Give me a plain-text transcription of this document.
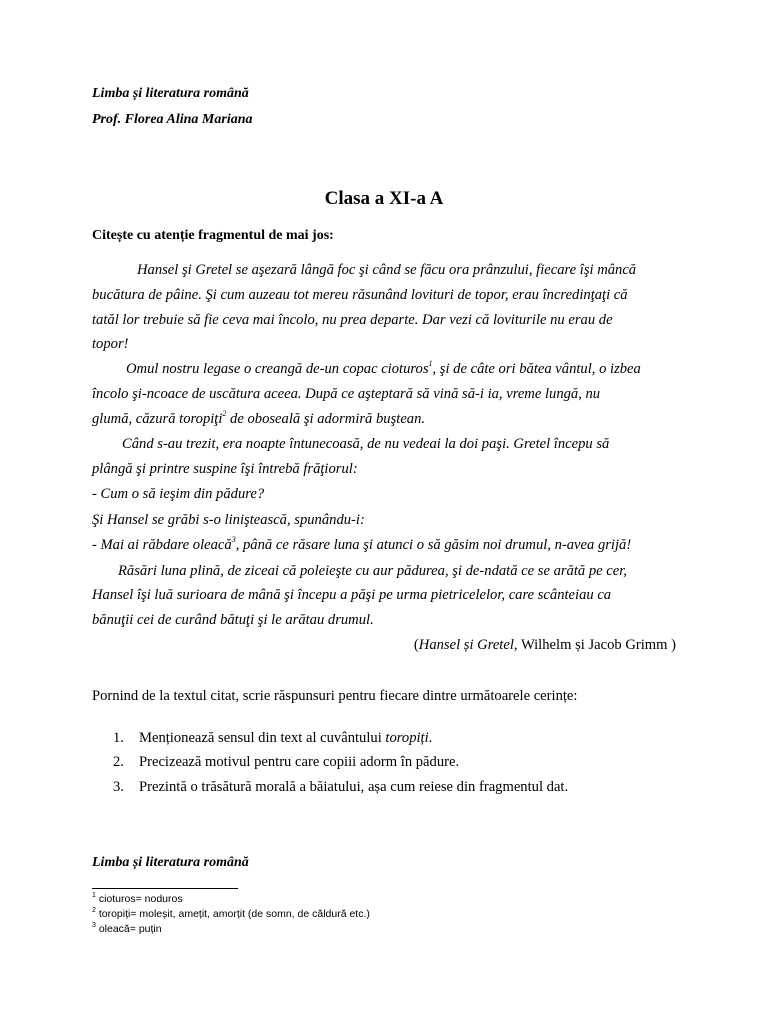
Limba și literatura română
Prof. Florea Alina Mariana
Clasa a XI-a A
Citește cu atenție fragmentul de mai jos:
Hansel şi Gretel se aşezară lângă foc şi când se făcu ora prânzului, fiecare îşi mâncă
bucătura de pâine. Şi cum auzeau tot mereu răsunând lovituri de topor, erau încredinţaţi că
tatăl lor trebuie să fie ceva mai încolo, nu prea departe. Dar vezi că loviturile nu erau de
topor!
Omul nostru legase o creangă de-un copac cioturos$^1$, şi de câte ori bătea vântul, o izbea
încolo şi-ncoace de uscătura aceea. După ce aşteptară să vină să-i ia, vreme lungă, nu
glumă, căzură toropiţi$^2$ de oboseală şi adormiră buştean.
Când s-au trezit, era noapte întunecoasă, de nu vedeai la doi paşi. Gretel începu să
plângă şi printre suspine îşi întrebă frăţiorul:
- Cum o să ieşim din pădure?
Şi Hansel se grăbi s-o liniştească, spunându-i:
- Mai ai răbdare oleacă$^3$, până ce răsare luna şi atunci o să găsim noi drumul, n-avea grijă!
Răsări luna plină, de ziceai că poleieşte cu aur pădurea, şi de-ndată ce se arătă pe cer,
Hansel îşi luă surioara de mână şi începu a păşi pe urma pietricelelor, care scânteiau ca
bănuţii cei de curând bătuţi şi le arătau drumul.
(Hansel și Gretel, Wilhelm și Jacob Grimm )
Pornind de la textul citat, scrie răspunsuri pentru fiecare dintre următoarele cerințe:
1. Menționează sensul din text al cuvântului toropiți.
2. Precizează motivul pentru care copiii adorm în pădure.
3. Prezintă o trăsătură morală a băiatului, așa cum reiese din fragmentul dat.
Limba și literatura română
$^1$ cioturos= noduros
$^2$ toropiți= moleșit, amețit, amorțit (de somn, de căldură etc.)
$^3$ oleacă= puțin
